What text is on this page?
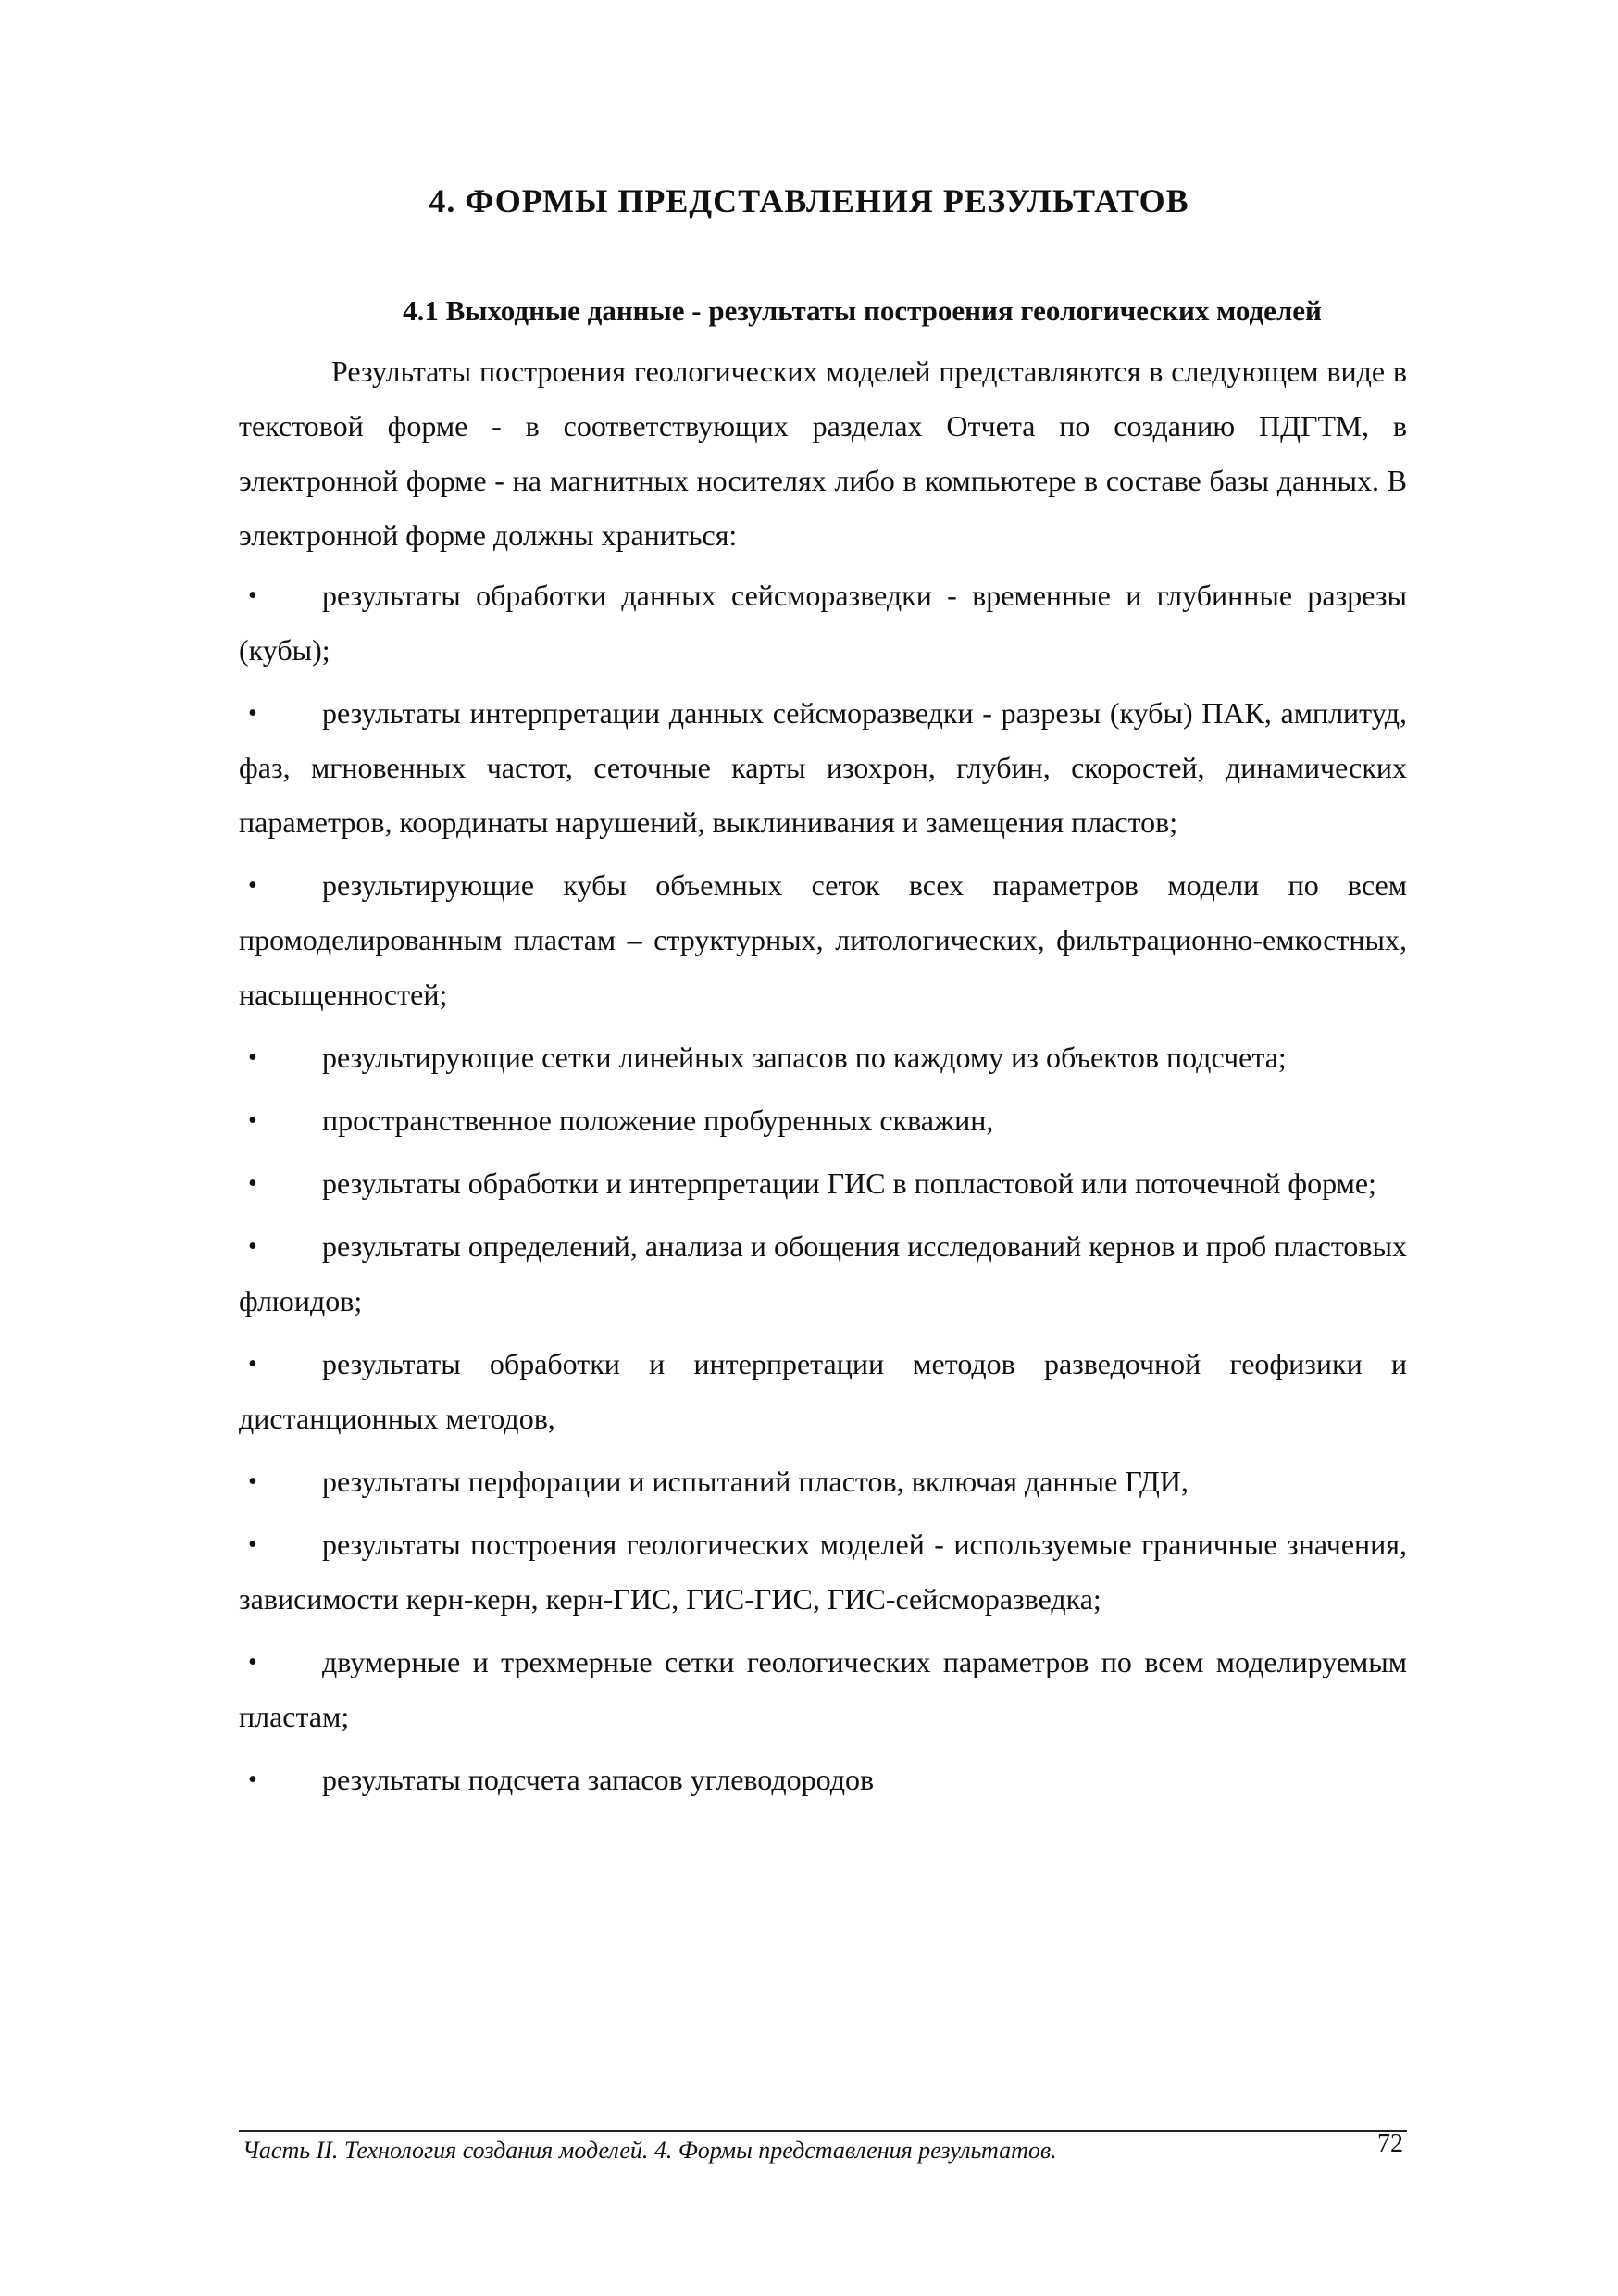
4. ФОРМЫ ПРЕДСТАВЛЕНИЯ РЕЗУЛЬТАТОВ
4.1 Выходные данные - результаты построения геологических моделей
Результаты построения геологических моделей представляются в следующем виде в текстовой форме - в соответствующих разделах Отчета по созданию ПДГТМ, в электронной форме - на магнитных носителях либо в компьютере в составе базы данных. В электронной форме должны храниться:
• результаты обработки данных сейсморазведки - временные и глубинные разрезы (кубы);
• результаты интерпретации данных сейсморазведки - разрезы (кубы) ПАК, амплитуд, фаз, мгновенных частот, сеточные карты изохрон, глубин, скоростей, динамических параметров, координаты нарушений, выклинивания и замещения пластов;
• результирующие кубы объемных сеток всех параметров модели по всем промоделированным пластам – структурных, литологических, фильтрационно-емкостных, насыщенностей;
• результирующие сетки линейных запасов по каждому из объектов подсчета;
• пространственное положение пробуренных скважин,
• результаты обработки и интерпретации ГИС в попластовой или поточечной форме;
• результаты определений, анализа и обощения исследований кернов и проб пластовых флюидов;
• результаты обработки и интерпретации методов разведочной геофизики и дистанционных методов,
• результаты перфорации и испытаний пластов, включая данные ГДИ,
• результаты построения геологических моделей - используемые граничные значения, зависимости керн-керн, керн-ГИС, ГИС-ГИС, ГИС-сейсморазведка;
• двумерные и трехмерные сетки геологических параметров по всем моделируемым пластам;
• результаты подсчета запасов углеводородов
Часть II. Технология создания моделей. 4. Формы представления результатов.	72
